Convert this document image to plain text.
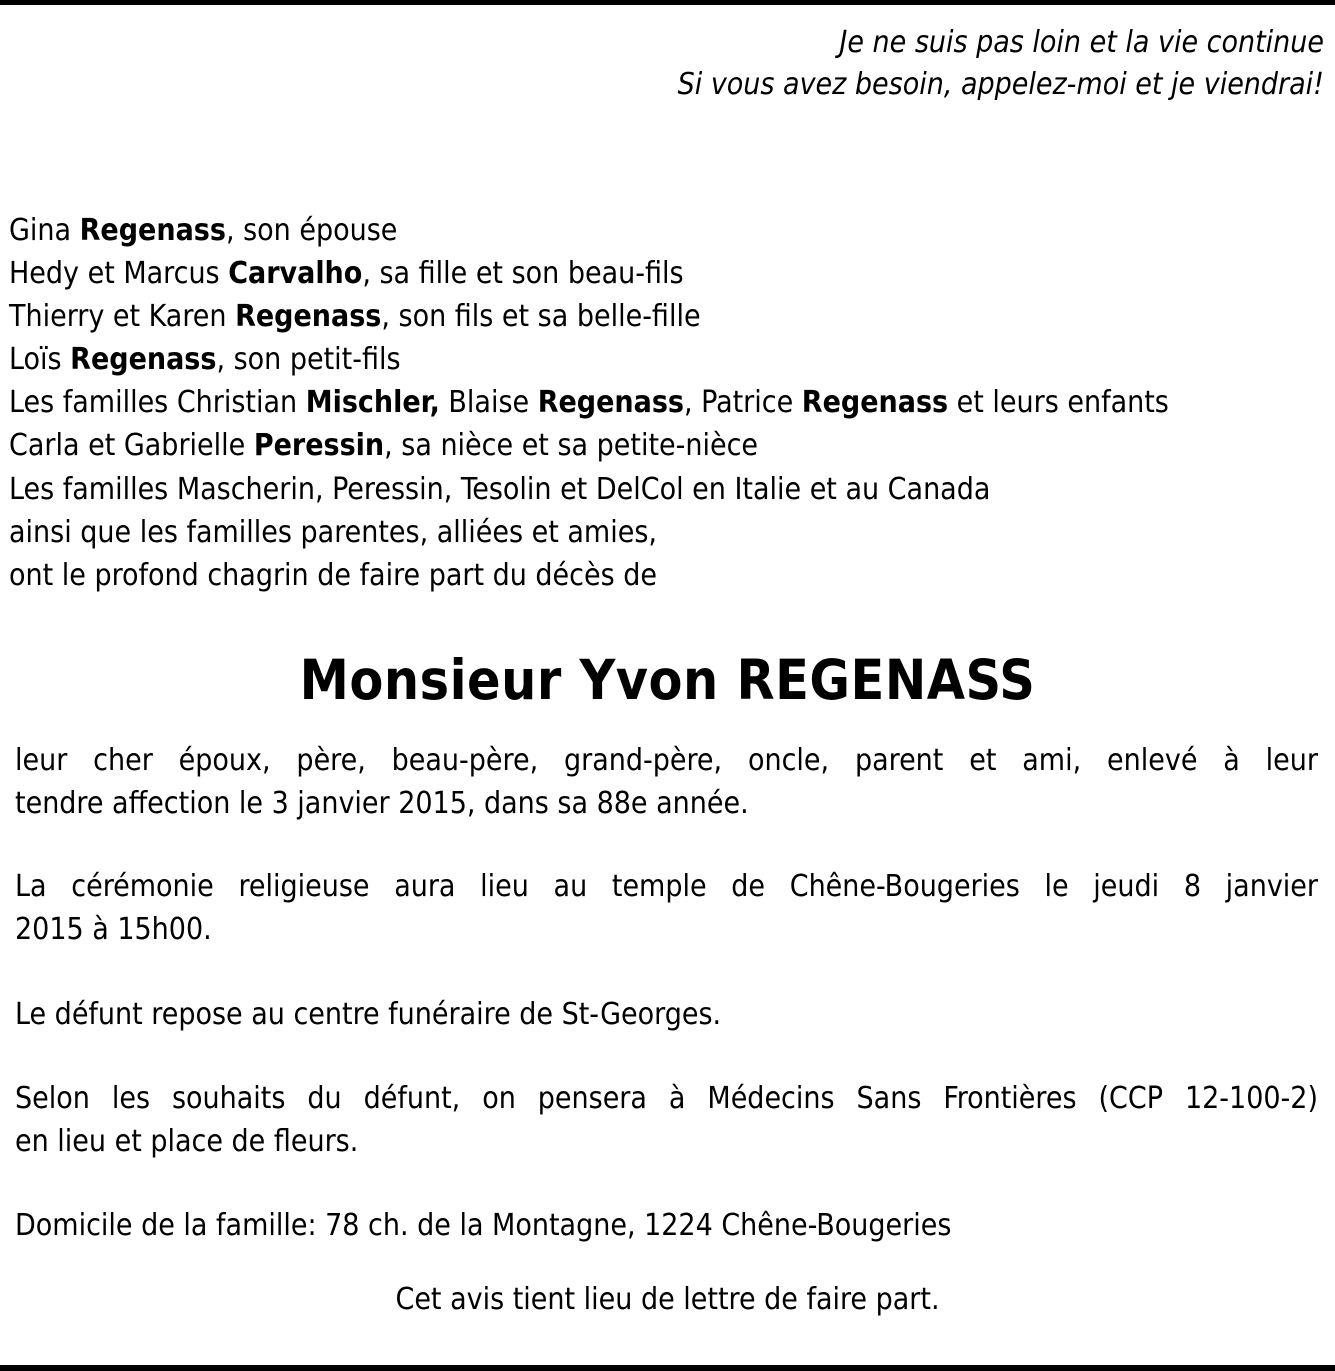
Je ne suis pas loin et la vie continue
Si vous avez besoin, appelez-moi et je viendrai!
Gina Regenass, son épouse
Hedy et Marcus Carvalho, sa fille et son beau-fils
Thierry et Karen Regenass, son fils et sa belle-fille
Loïs Regenass, son petit-fils
Les familles Christian Mischler, Blaise Regenass, Patrice Regenass et leurs enfants
Carla et Gabrielle Peressin, sa nièce et sa petite-nièce
Les familles Mascherin, Peressin, Tesolin et DelCol en Italie et au Canada
ainsi que les familles parentes, alliées et amies,
ont le profond chagrin de faire part du décès de
Monsieur Yvon REGENASS
leur cher époux, père, beau-père, grand-père, oncle, parent et ami, enlevé à leur
tendre affection le 3 janvier 2015, dans sa 88e année.
La cérémonie religieuse aura lieu au temple de Chêne-Bougeries le jeudi 8 janvier
2015 à 15h00.
Le défunt repose au centre funéraire de St-Georges.
Selon les souhaits du défunt, on pensera à Médecins Sans Frontières (CCP 12-100-2)
en lieu et place de fleurs.
Domicile de la famille: 78 ch. de la Montagne, 1224 Chêne-Bougeries
Cet avis tient lieu de lettre de faire part.
